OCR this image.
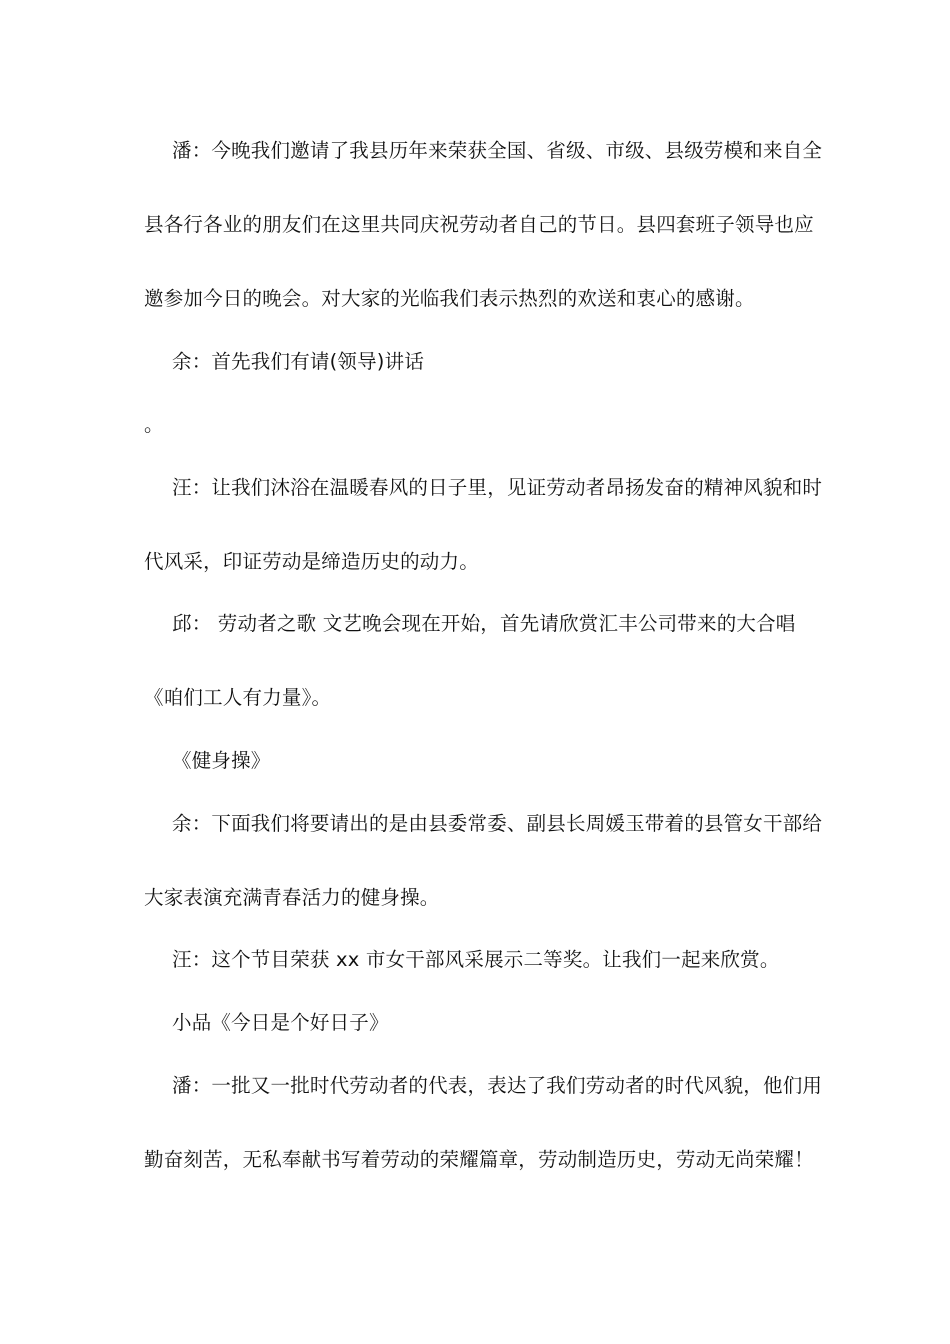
潘：今晚我们邀请了我县历年来荣获全国、省级、市级、县级劳模和来自全
县各行各业的朋友们在这里共同庆祝劳动者自己的节日。县四套班子领导也应
邀参加今日的晚会。对大家的光临我们表示热烈的欢送和衷心的感谢。
余：首先我们有请(领导)讲话
。
汪：让我们沐浴在温暖春风的日子里，见证劳动者昂扬发奋的精神风貌和时
代风采，印证劳动是缔造历史的动力。
邱： 劳动者之歌 文艺晚会现在开始，首先请欣赏汇丰公司带来的大合唱
《咱们工人有力量》。
《健身操》
余：下面我们将要请出的是由县委常委、副县长周媛玉带着的县管女干部给
大家表演充满青春活力的健身操。
汪：这个节目荣获 xx 市女干部风采展示二等奖。让我们一起来欣赏。
小品《今日是个好日子》
潘：一批又一批时代劳动者的代表，表达了我们劳动者的时代风貌，他们用
勤奋刻苦，无私奉献书写着劳动的荣耀篇章，劳动制造历史，劳动无尚荣耀！
